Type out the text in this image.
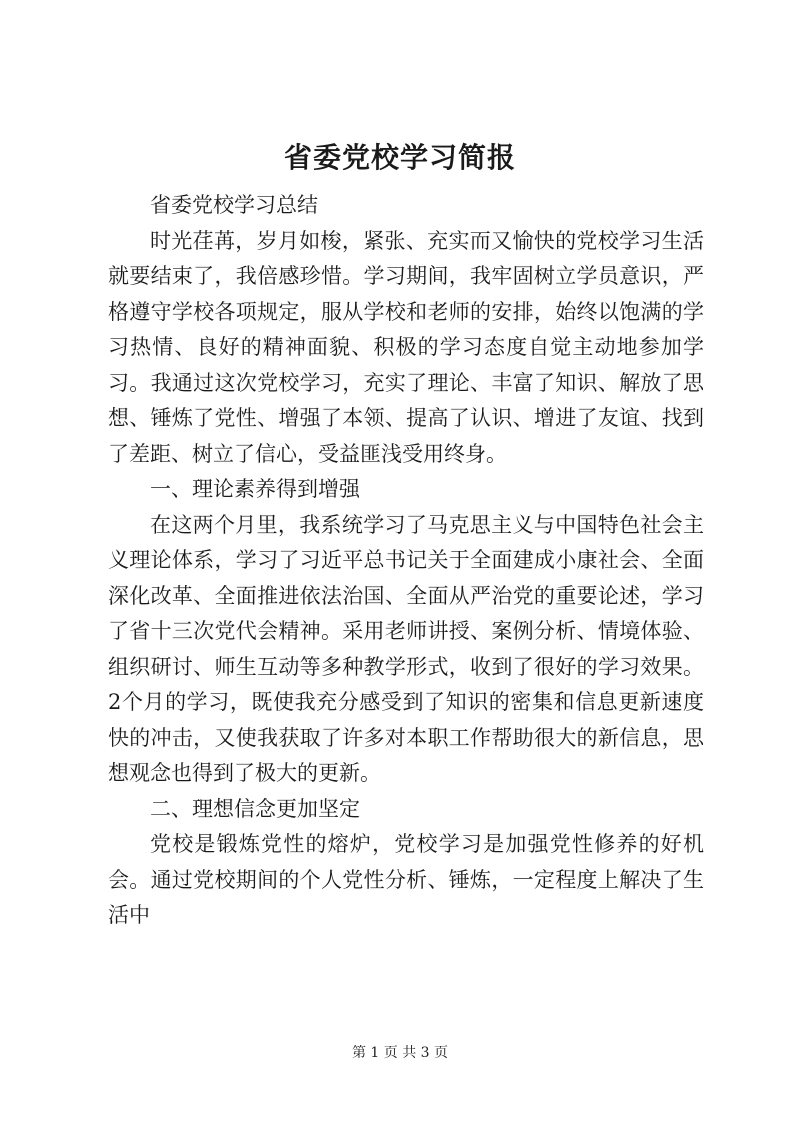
省委党校学习简报

省委党校学习总结

时光荏苒，岁月如梭，紧张、充实而又愉快的党校学习生活就要结束了，我倍感珍惜。学习期间，我牢固树立学员意识，严格遵守学校各项规定，服从学校和老师的安排，始终以饱满的学习热情、良好的精神面貌、积极的学习态度自觉主动地参加学习。我通过这次党校学习，充实了理论、丰富了知识、解放了思想、锤炼了党性、增强了本领、提高了认识、增进了友谊、找到了差距、树立了信心，受益匪浅受用终身。

一、理论素养得到增强

在这两个月里，我系统学习了马克思主义与中国特色社会主义理论体系，学习了习近平总书记关于全面建成小康社会、全面深化改革、全面推进依法治国、全面从严治党的重要论述，学习了省十三次党代会精神。采用老师讲授、案例分析、情境体验、组织研讨、师生互动等多种教学形式，收到了很好的学习效果。2个月的学习，既使我充分感受到了知识的密集和信息更新速度快的冲击，又使我获取了许多对本职工作帮助很大的新信息，思想观念也得到了极大的更新。

二、理想信念更加坚定

党校是锻炼党性的熔炉，党校学习是加强党性修养的好机会。通过党校期间的个人党性分析、锤炼，一定程度上解决了生活中

第 1 页 共 3 页
